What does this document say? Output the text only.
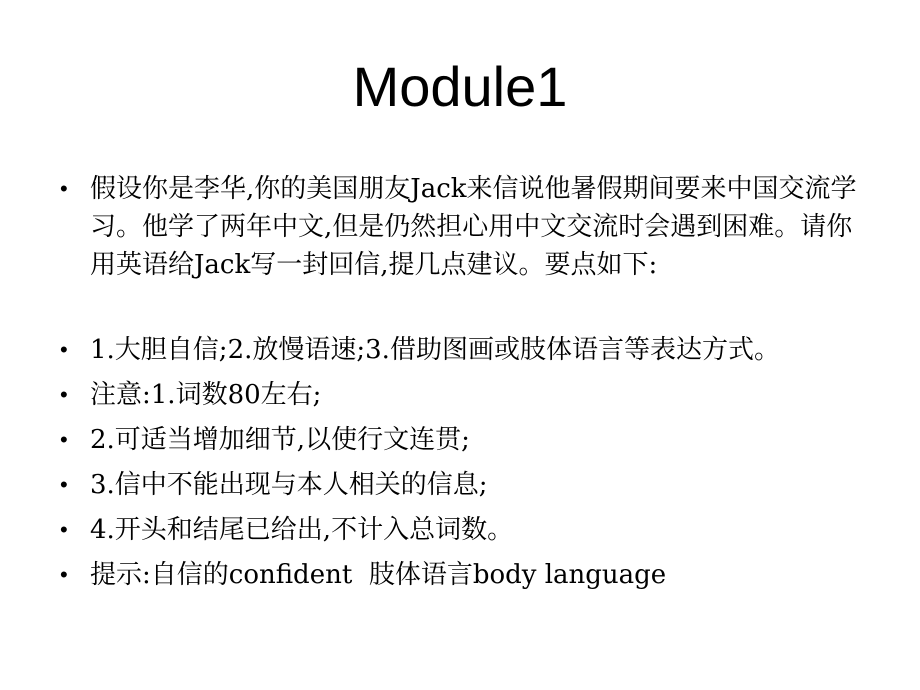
Module1
• 假设你是李华,你的美国朋友Jack来信说他暑假期间要来中国交流学习。他学了两年中文,但是仍然担心用中文交流时会遇到困难。请你用英语给Jack写一封回信,提几点建议。要点如下:
• 1.大胆自信;2.放慢语速;3.借助图画或肢体语言等表达方式。
• 注意:1.词数80左右;
• 2.可适当增加细节,以使行文连贯;
• 3.信中不能出现与本人相关的信息;
• 4.开头和结尾已给出,不计入总词数。
• 提示:自信的confident  肢体语言body language
